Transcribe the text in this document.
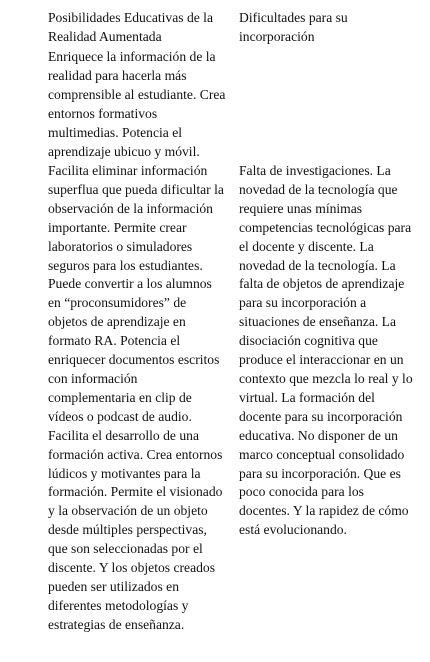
Posibilidades Educativas de la Realidad Aumentada

Dificultades para su incorporación

Enriquece la información de la realidad para hacerla más comprensible al estudiante. Crea entornos formativos multimedias. Potencia el aprendizaje ubicuo y móvil.

Facilita eliminar información superflua que pueda dificultar la observación de la información importante. Permite crear laboratorios o simuladores seguros para los estudiantes. Puede convertir a los alumnos en “proconsumidores” de objetos de aprendizaje en formato RA. Potencia el enriquecer documentos escritos con información complementaria en clip de vídeos o podcast de audio. Facilita el desarrollo de una formación activa. Crea entornos lúdicos y motivantes para la formación. Permite el visionado y la observación de un objeto desde múltiples perspectivas, que son seleccionadas por el discente. Y los objetos creados pueden ser utilizados en diferentes metodologías y estrategias de enseñanza.

Falta de investigaciones. La novedad de la tecnología que requiere unas mínimas competencias tecnológicas para el docente y discente. La novedad de la tecnología. La falta de objetos de aprendizaje para su incorporación a situaciones de enseñanza. La disociación cognitiva que produce el interaccionar en un contexto que mezcla lo real y lo virtual. La formación del docente para su incorporación educativa. No disponer de un marco conceptual consolidado para su incorporación. Que es poco conocida para los docentes. Y la rapidez de cómo está evolucionando.
